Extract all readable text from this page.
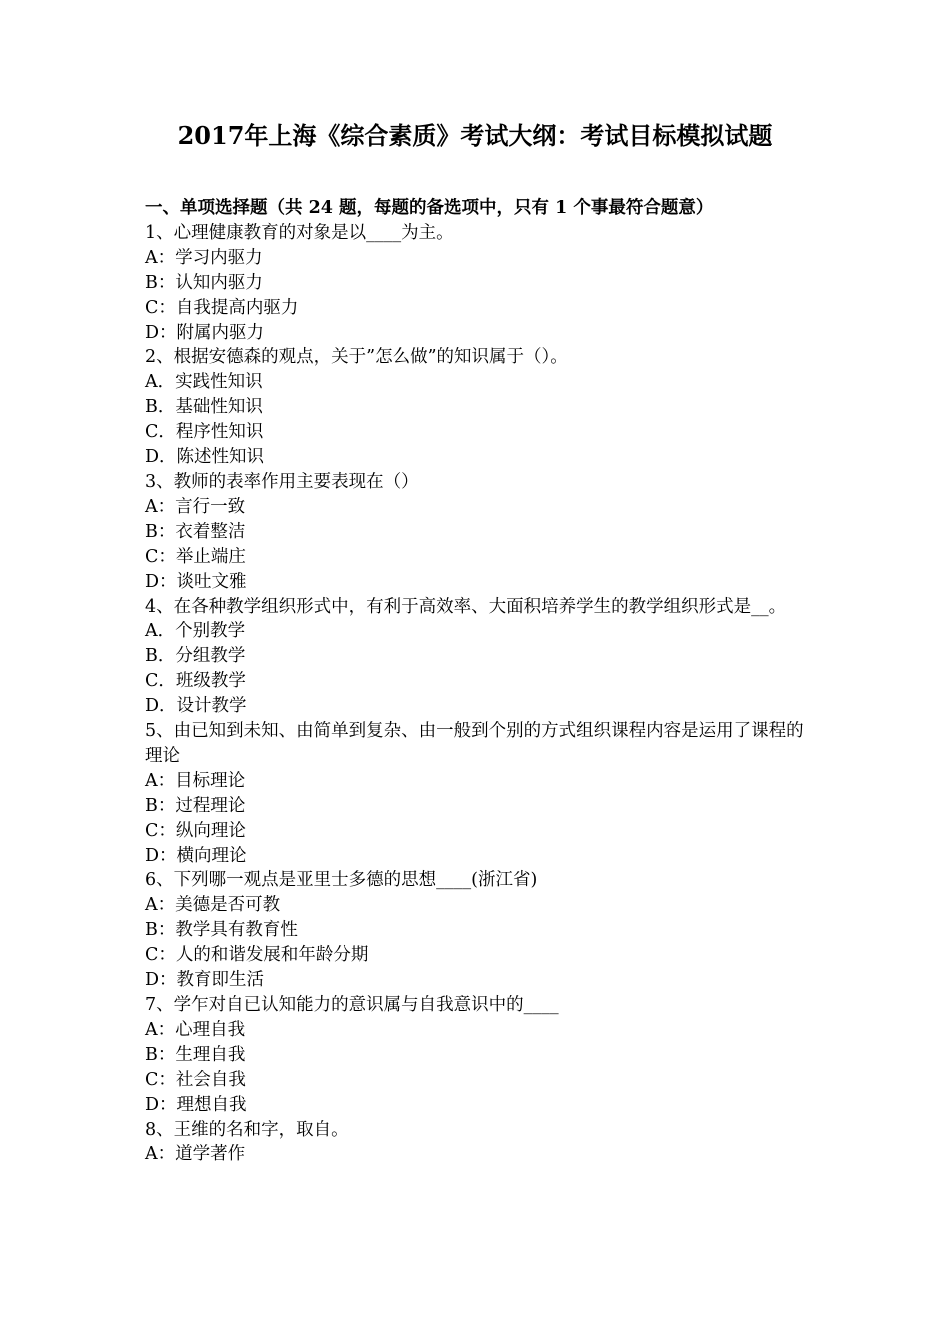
2017年上海《综合素质》考试大纲：考试目标模拟试题
一、单项选择题（共 24 题，每题的备选项中，只有 1 个事最符合题意）
1、心理健康教育的对象是以____为主。
A：学习内驱力
B：认知内驱力
C：自我提高内驱力
D：附属内驱力
2、根据安德森的观点，关于”怎么做”的知识属于（）。
A．实践性知识
B．基础性知识
C．程序性知识
D．陈述性知识
3、教师的表率作用主要表现在（）
A：言行一致
B：衣着整洁
C：举止端庄
D：谈吐文雅
4、在各种教学组织形式中，有利于高效率、大面积培养学生的教学组织形式是__。
A．个别教学
B．分组教学
C．班级教学
D．设计教学
5、由已知到未知、由简单到复杂、由一般到个别的方式组织课程内容是运用了课程的理论
A：目标理论
B：过程理论
C：纵向理论
D：横向理论
6、下列哪一观点是亚里士多德的思想____(浙江省)
A：美德是否可教
B：教学具有教育性
C：人的和谐发展和年龄分期
D：教育即生活
7、学乍对自已认知能力的意识属与自我意识中的____
A：心理自我
B：生理自我
C：社会自我
D：理想自我
8、王维的名和字，取自。
A：道学著作
